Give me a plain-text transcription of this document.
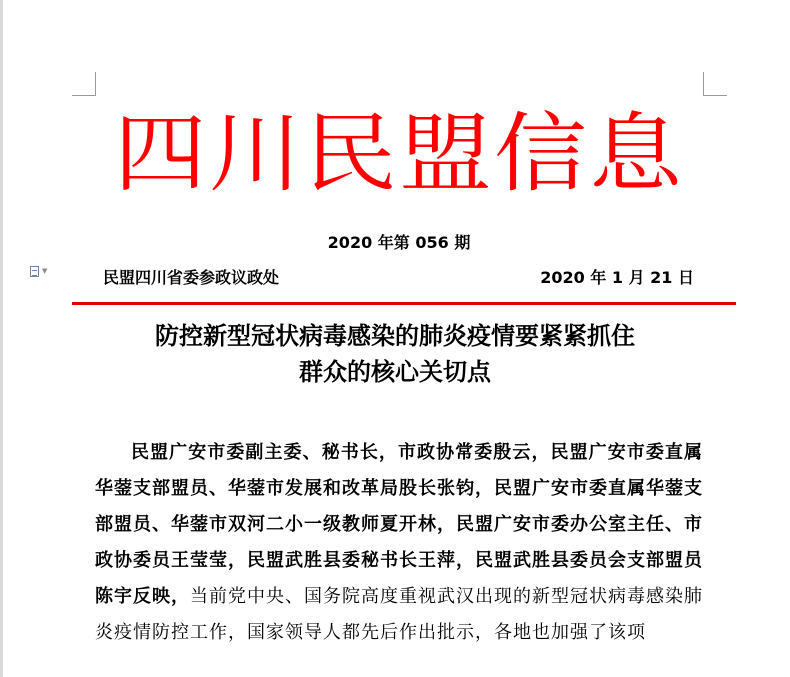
▼
四川民盟信息
2020 年第 056 期
民盟四川省委参政议政处	2020 年 1 月 21 日
防控新型冠状病毒感染的肺炎疫情要紧紧抓住
群众的核心关切点

民盟广安市委副主委、秘书长，市政协常委殷云，民盟广安市委直属华蓥支部盟员、华蓥市发展和改革局股长张钧，民盟广安市委直属华蓥支部盟员、华蓥市双河二小一级教师夏开林，民盟广安市委办公室主任、市政协委员王莹莹，民盟武胜县委秘书长王萍，民盟武胜县委员会支部盟员陈宇反映，当前党中央、国务院高度重视武汉出现的新型冠状病毒感染肺炎疫情防控工作，国家领导人都先后作出批示，各地也加强了该项
